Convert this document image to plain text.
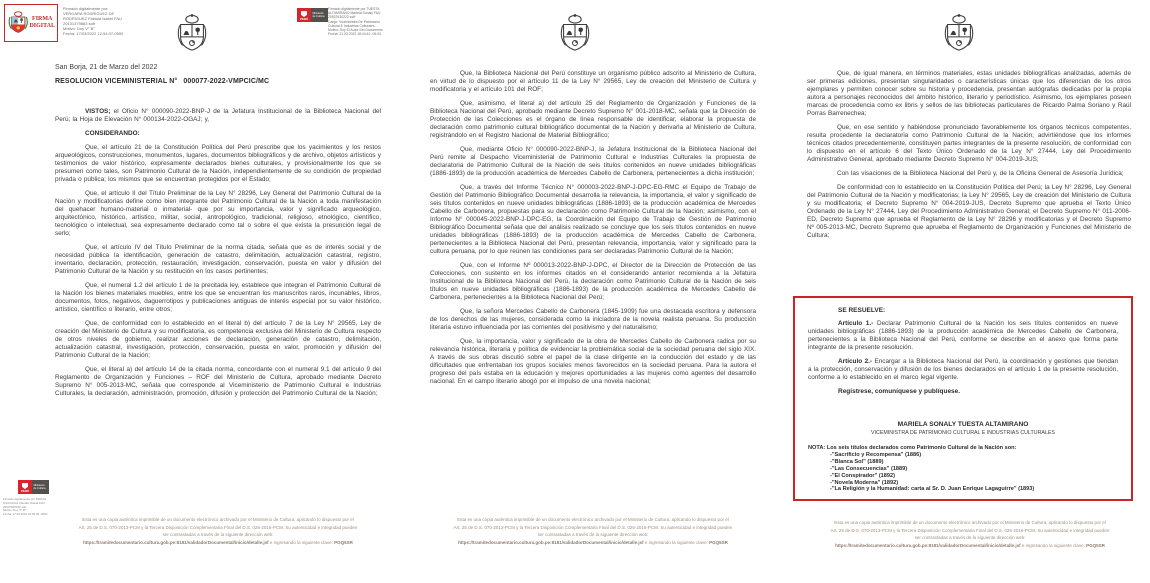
FIRMA
DIGITAL
Firmado digitalmente por:
VERGARA RODRIGUEZ DE
RODRIGUEZ Fabiola Isabel FAU
20131379863 soft
Motivo: Doy V° B°
Fecha: 17/03/2022 12:54:07-0500
PERÚ
Ministerio de Cultura
Firmado digitalmente por TUESTA
ALTAMIRANO Mariela Sonaly FAU
20537630222 soft
Cargo: Viceministra De Patrimonio
Cultural E Industrias Culturales
Motivo: Soy El Autor Del Documento
Fecha: 21.03.2022 18:44:41 -05:00

San Borja, 21 de Marzo del 2022

RESOLUCION VICEMINISTERIAL N°   000077-2022-VMPCIC/MC

VISTOS; el Oficio N° 000090-2022-BNP-J de la Jefatura Institucional de la Biblioteca Nacional del Perú; la Hoja de Elevación N° 000134-2022-OGAJ; y,

CONSIDERANDO:

Que, el artículo 21 de la Constitución Política del Perú prescribe que los yacimientos y los restos arqueológicos, construcciones, monumentos, lugares, documentos bibliográficos y de archivo, objetos artísticos y testimonios de valor histórico, expresamente declarados bienes culturales, y provisionalmente los que se presumen como tales, son Patrimonio Cultural de la Nación, independientemente de su condición de propiedad privada o pública; los mismos que se encuentran protegidos por el Estado;

Que, el artículo II del Título Preliminar de la Ley N° 28296, Ley General del Patrimonio Cultural de la Nación y modificatorias define como bien integrante del Patrimonio Cultural de la Nación a toda manifestación del quehacer humano-material o inmaterial- que por su importancia, valor y significado arqueológico, arquitectónico, histórico, artístico, militar, social, antropológico, tradicional, religioso, etnológico, científico, tecnológico o intelectual, sea expresamente declarado como tal o sobre el que exista la presunción legal de serlo;

Que, el artículo IV del Título Preliminar de la norma citada, señala que es de interés social y de necesidad pública la identificación, generación de catastro, delimitación, actualización catastral, registro, inventario, declaración, protección, restauración, investigación, conservación, puesta en valor y difusión del Patrimonio Cultural de la Nación y su restitución en los casos pertinentes;

Que, el numeral 1.2 del artículo 1 de la precitada ley, establece que integran el Patrimonio Cultural de la Nación los bienes materiales muebles, entre los que se encuentran los manuscritos raros, incunables, libros, documentos, fotos, negativos, daguerrotipos y publicaciones antiguas de interés especial por su valor histórico, artístico, científico o literario, entre otros;

Que, de conformidad con lo establecido en el literal b) del artículo 7 de la Ley N° 29565, Ley de creación del Ministerio de Cultura y su modificatoria, es competencia exclusiva del Ministerio de Cultura respecto de otros niveles de gobierno, realizar acciones de declaración, generación de catastro, delimitación, actualización catastral, investigación, protección, conservación, puesta en valor, promoción y difusión del Patrimonio Cultural de la Nación;

Que, el literal a) del artículo 14 de la citada norma, concordante con el numeral 9.1 del artículo 9 del Reglamento de Organización y Funciones – ROF del Ministerio de Cultura, aprobado mediante Decreto Supremo N° 005-2013-MC, señala que corresponde al Viceministerio de Patrimonio Cultural e Industrias Culturales, la declaración, administración, promoción, difusión y protección del Patrimonio Cultural de la Nación;

PERÚ
Ministerio de Cultura
Firmado digitalmente por RODAS
USUCACHI Claudia Violeta FAU
20537630222 soft
Motivo: Doy V° B°
Fecha: 17.03.2022 15:05:35 -0500
Esta es una copia auténtica imprimible de un documento electrónico archivado por el Ministerio de Cultura, aplicando lo dispuesto por el
Art. 25 de D.S. 070-2013-PCM y la Tercera Disposición Complementaria Final del D.S. 026-2016-PCM. Su autenticidad e integridad pueden
ser contrastadas a través de la siguiente dirección web:
https://tramitedocumentario.cultura.gob.pe:8181/validadorDocumental/inicio/detalle.jsf e ingresando la siguiente clave: PGQ5SR

Que, la Biblioteca Nacional del Perú constituye un organismo público adscrito al Ministerio de Cultura, en virtud de lo dispuesto por el artículo 11 de la Ley N° 29565, Ley de creación del Ministerio de Cultura y modificatoria y el artículo 101 del ROF;

Que, asimismo, el literal a) del artículo 25 del Reglamento de Organización y Funciones de la Biblioteca Nacional del Perú, aprobado mediante Decreto Supremo N° 001-2018-MC, señala que la Dirección de Protección de las Colecciones es el órgano de línea responsable de identificar, elaborar la propuesta de declaración como patrimonio cultural bibliográfico documental de la Nación y derivarla al Ministerio de Cultura, registrándolo en el Registro Nacional de Material Bibliográfico;

Que, mediante Oficio N° 000090-2022-BNP-J, la Jefatura Institucional de la Biblioteca Nacional del Perú remite al Despacho Viceministerial de Patrimonio Cultural e Industrias Culturales la propuesta de declaratoria de Patrimonio Cultural de la Nación de seis títulos contenidos en nueve unidades bibliográficas (1886-1893) de la producción académica de Mercedes Cabello de Carbonera, pertenecientes a dicha institución;

Que, a través del Informe Técnico N° 000003-2022-BNP-J-DPC-EG-RMC el Equipo de Trabajo de Gestión del Patrimonio Bibliográfico Documental desarrolla la relevancia, la importancia, el valor y significado de seis títulos contenidos en nueve unidades bibliográficas (1886-1893) de la producción académica de Mercedes Cabello de Carbonera, propuestas para su declaración como Patrimonio Cultural de la Nación; asimismo, con el Informe N° 000045-2022-BNP-J-DPC-EG, la Coordinación del Equipo de Trabajo de Gestión de Patrimonio Bibliográfico Documental señala que del análisis realizado se concluye que los seis títulos contenidos en nueve unidades bibliográficas (1886-1893) de la producción académica de Mercedes Cabello de Carbonera, pertenecientes a la Biblioteca Nacional del Perú, presentan relevancia, importancia, valor y significado para la cultura peruana, por lo que reúnen las condiciones para ser declaradas Patrimonio Cultural de la Nación;

Que, con el Informe Nº 000013-2022-BNP-J-DPC, el Director de la Dirección de Protección de las Colecciones, con sustento en los informes citados en el considerando anterior recomienda a la Jefatura Institucional de la Biblioteca Nacional del Perú, la declaración como Patrimonio Cultural de la Nación de seis títulos en nueve unidades bibliográficas (1886-1893) de la producción académica de Mercedes Cabello de Carbonera, pertenecientes a la Biblioteca Nacional del Perú;

Que, la señora Mercedes Cabello de Carbonera (1845-1909) fue una destacada escritora y defensora de los derechos de las mujeres, considerada como la iniciadora de la novela realista peruana. Su producción literaria estuvo influenciada por las corrientes del positivismo y del naturalismo;

Que, la importancia, valor y significado de la obra de Mercedes Cabello de Carbonera radica por su relevancia histórica, literaria y política de evidenciar la problemática social de la sociedad peruana del siglo XIX. A través de sus obras discutió sobre el papel de la clase dirigente en la conducción del estado y de las dificultades que enfrentaban los grupos sociales menos favorecidos en la sociedad peruana. Para la autora el progreso del país estaba en la educación y mejores oportunidades a las mujeres como agentes del desarrollo nacional. En el campo literario abogó por el impulso de una novela nacional;

Esta es una copia auténtica imprimible de un documento electrónico archivado por el Ministerio de Cultura, aplicando lo dispuesto por el
Art. 25 de D.S. 070-2013-PCM y la Tercera Disposición Complementaria Final del D.S. 026-2016-PCM. Su autenticidad e integridad pueden
ser contrastadas a través de la siguiente dirección web:
https://tramitedocumentario.cultura.gob.pe:8181/validadorDocumental/inicio/detalle.jsf e ingresando la siguiente clave: PGQ5SR

Que, de igual manera, en términos materiales, estas unidades bibliográficas analizadas, además de ser primeras ediciones, presentan singularidades o características únicas que los diferencian de los otros ejemplares y permiten conocer sobre su historia y procedencia, presentan autógrafas dedicadas por la propia autora a personajes reconocidos del ámbito histórico, literario y periodístico. Asimismo, los ejemplares poseen marcas de procedencia como ex libris y sellos de las bibliotecas particulares de Ricardo Palma Soriano y Raúl Porras Barrenechea;

Que, en ese sentido y habiéndose pronunciado favorablemente los órganos técnicos competentes, resulta procedente la declaratoria como Patrimonio Cultural de la Nación; advirtiéndose que los informes técnicos citados precedentemente, constituyen partes integrantes de la presente resolución, de conformidad con lo dispuesto en el artículo 6 del Texto Único Ordenado de la Ley N° 27444, Ley del Procedimiento Administrativo General, aprobado mediante Decreto Supremo N° 004-2019-JUS;

Con las visaciones de la Biblioteca Nacional del Perú y, de la Oficina General de Asesoría Jurídica;

De conformidad con lo establecido en la Constitución Política del Perú; la Ley N° 28296, Ley General del Patrimonio Cultural de la Nación y modificatorias; la Ley N° 29565, Ley de creación del Ministerio de Cultura y su modificatoria; el Decreto Supremo N° 004-2019-JUS, Decreto Supremo que aprueba el Texto Único Ordenado de la Ley N° 27444, Ley del Procedimiento Administrativo General; el Decreto Supremo N° 011-2006-ED, Decreto Supremo que aprueba el Reglamento de la Ley N° 28296 y modificatorias y el Decreto Supremo Nº 005-2013-MC, Decreto Supremo que aprueba el Reglamento de Organización y Funciones del Ministerio de Cultura;

SE RESUELVE:

Artículo 1.- Declarar Patrimonio Cultural de la Nación los seis títulos contenidos en nueve unidades bibliográficas (1886-1893) de la producción académica de Mercedes Cabello de Carbonera, pertenecientes a la Biblioteca Nacional del Perú, conforme se describe en el anexo que forma parte integrante de la presente resolución.

Artículo 2.- Encargar a la Biblioteca Nacional del Perú, la coordinación y gestiones que tiendan a la protección, conservación y difusión de los bienes declarados en el artículo 1 de la presente resolución, conforme a lo establecido en el marco legal vigente.

Regístrese, comuníquese y publíquese.

MARIELA SONALY TUESTA ALTAMIRANO
VICEMINISTRA DE PATRIMONIO CULTURAL E INDUSTRIAS CULTURALES
NOTA: Los seis títulos declarados como Patrimonio Cultural de la Nación son:
-"Sacrificio y Recompensa" (1886)
-"Blanca Sol" (1889)
-"Las Consecuencias" (1889)
-"El Conspirador" (1892)
-"Novela Moderna" (1892)
-"La Religión y la Humanidad: carta al Sr. D. Juan Enrique Lagaguirre" (1893)
Esta es una copia auténtica imprimible de un documento electrónico archivado por el Ministerio de Cultura, aplicando lo dispuesto por el
Art. 25 de D.S. 070-2013-PCM y la Tercera Disposición Complementaria Final del D.S. 026-2016-PCM. Su autenticidad e integridad pueden
ser contrastadas a través de la siguiente dirección web:
https://tramitedocumentario.cultura.gob.pe:8181/validadorDocumental/inicio/detalle.jsf e ingresando la siguiente clave: PGQ5SR
